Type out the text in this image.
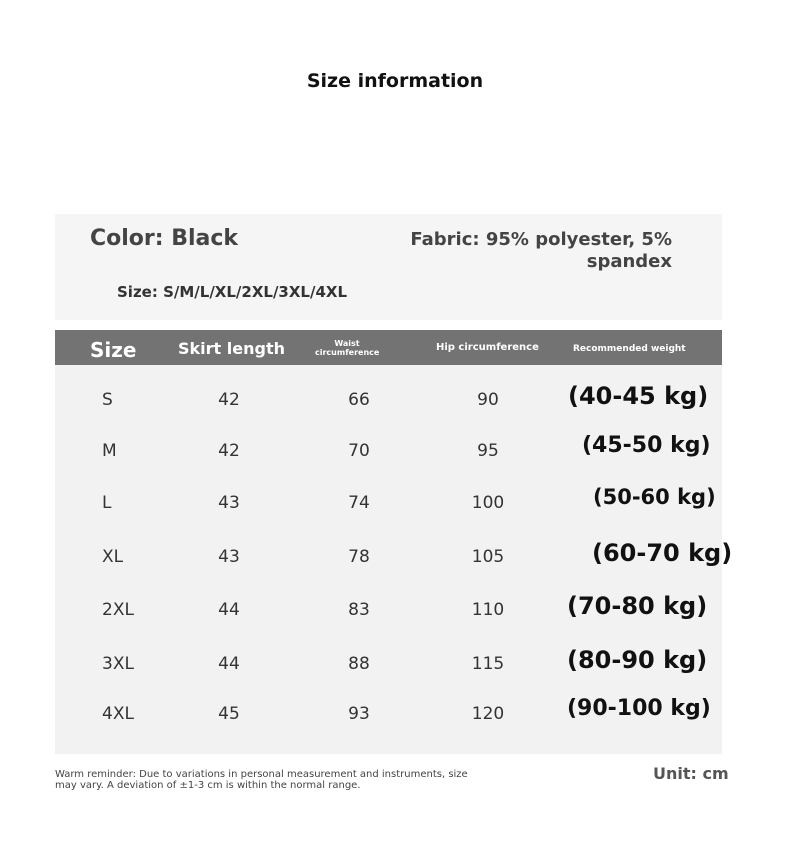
Size information
Color: Black	Fabric: 95% polyester, 5%
spandex
Size: S/M/L/XL/2XL/3XL/4XL
Size	Skirt length	Waist
circumference	Hip circumference	Recommended weight
S	42	66	90	(40-45 kg)
M	42	70	95	(45-50 kg)
L	43	74	100	(50-60 kg)
XL	43	78	105	(60-70 kg)
2XL	44	83	110	(70-80 kg)
3XL	44	88	115	(80-90 kg)
4XL	45	93	120	(90-100 kg)
Warm reminder: Due to variations in personal measurement and instruments, size
may vary. A deviation of ±1-3 cm is within the normal range.
Unit: cm
